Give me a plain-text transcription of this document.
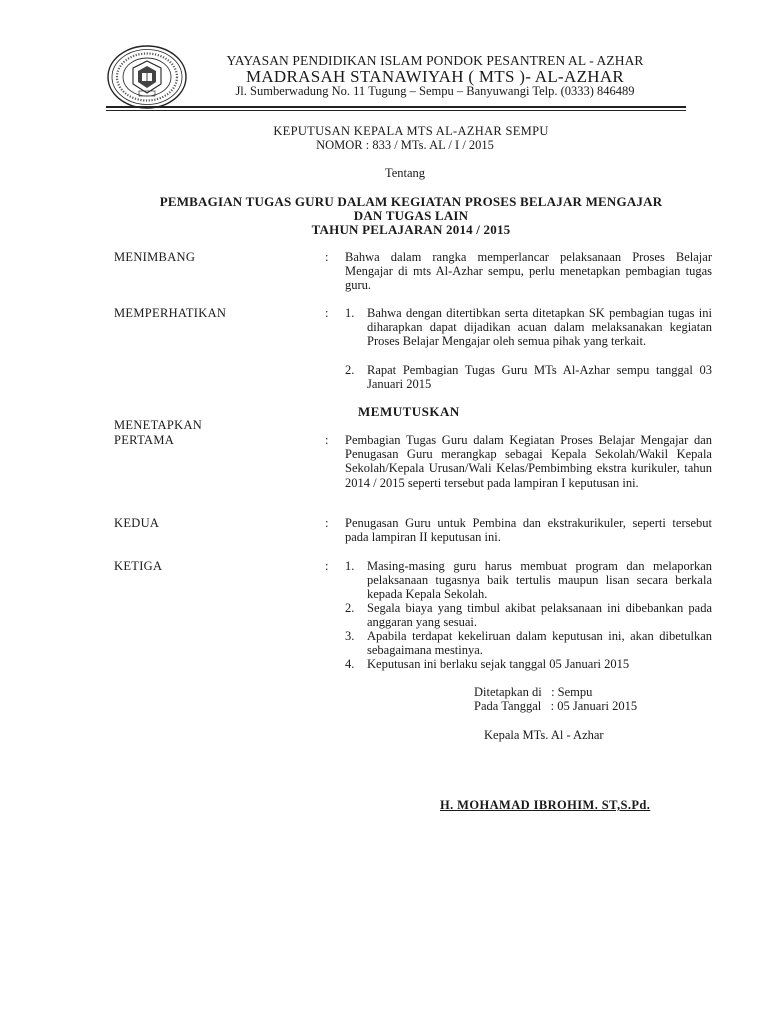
YAYASAN PENDIDIKAN ISLAM PONDOK PESANTREN AL - AZHAR
MADRASAH STANAWIYAH ( MTS )- AL-AZHAR
Jl. Sumberwadung No. 11 Tugung – Sempu – Banyuwangi Telp. (0333) 846489
KEPUTUSAN KEPALA MTS AL-AZHAR SEMPU
NOMOR : 833 / MTs. AL / I / 2015
Tentang
PEMBAGIAN TUGAS GURU DALAM KEGIATAN PROSES BELAJAR MENGAJAR
DAN TUGAS LAIN
TAHUN PELAJARAN 2014 / 2015
MENIMBANG	: Bahwa dalam rangka memperlancar pelaksanaan Proses Belajar Mengajar di mts Al-Azhar sempu, perlu menetapkan pembagian tugas guru.
MEMPERHATIKAN	: 1. Bahwa dengan ditertibkan serta ditetapkan SK pembagian tugas ini diharapkan dapat dijadikan acuan dalam melaksanakan kegiatan Proses Belajar Mengajar oleh semua pihak yang terkait.
2. Rapat Pembagian Tugas Guru MTs Al-Azhar sempu tanggal 03 Januari 2015
MEMUTUSKAN
MENETAPKAN
PERTAMA	: Pembagian Tugas Guru dalam Kegiatan Proses Belajar Mengajar dan Penugasan Guru merangkap sebagai Kepala Sekolah/Wakil Kepala Sekolah/Kepala Urusan/Wali Kelas/Pembimbing ekstra kurikuler, tahun 2014 / 2015 seperti tersebut pada lampiran I keputusan ini.
KEDUA	: Penugasan Guru untuk Pembina dan ekstrakurikuler, seperti tersebut pada lampiran II keputusan ini.
KETIGA	: 1. Masing-masing guru harus membuat program dan melaporkan pelaksanaan tugasnya baik tertulis maupun lisan secara berkala kepada Kepala Sekolah.
2. Segala biaya yang timbul akibat pelaksanaan ini dibebankan pada anggaran yang sesuai.
3. Apabila terdapat kekeliruan dalam keputusan ini, akan dibetulkan sebagaimana mestinya.
4. Keputusan ini berlaku sejak tanggal 05 Januari 2015
Ditetapkan di   : Sempu
Pada Tanggal   : 05 Januari 2015
Kepala MTs. Al - Azhar
H. MOHAMAD IBROHIM. ST,S.Pd.
